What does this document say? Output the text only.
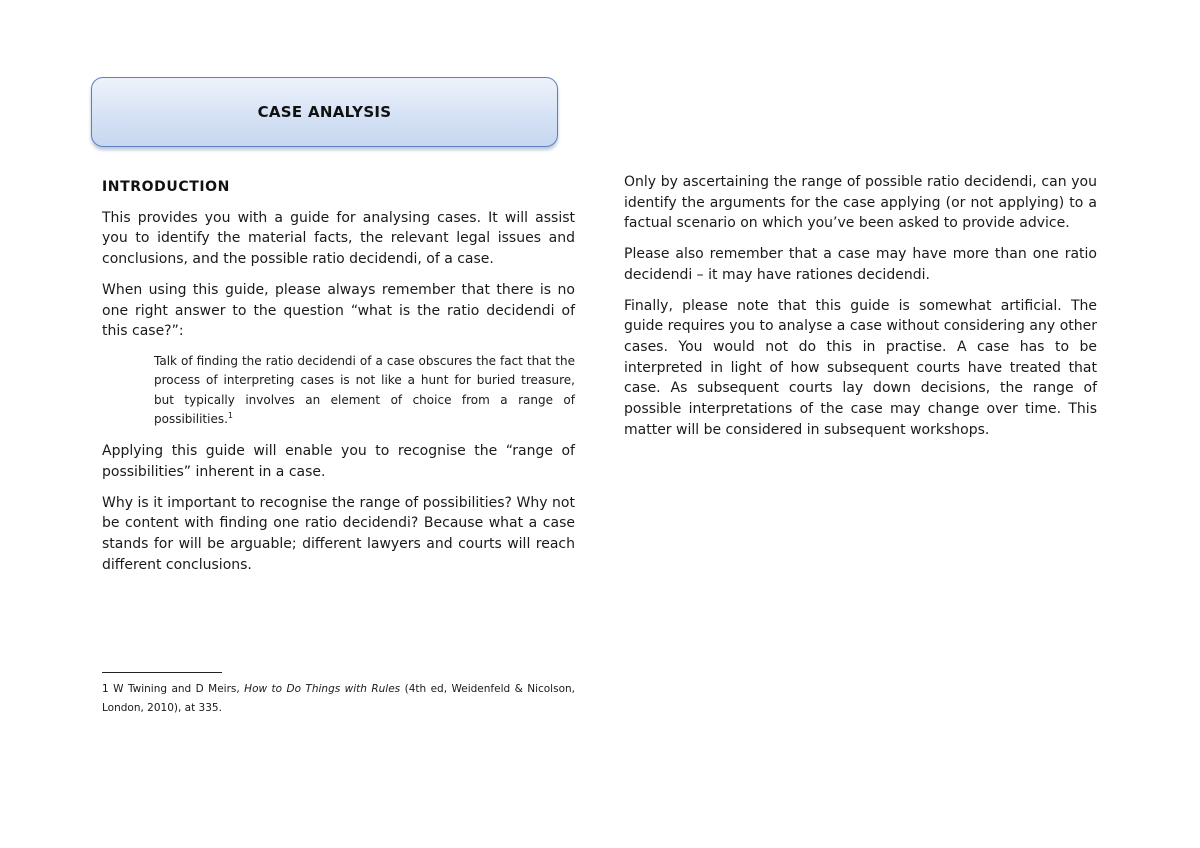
CASE ANALYSIS
INTRODUCTION

This provides you with a guide for analysing cases. It will assist you to identify the material facts, the relevant legal issues and conclusions, and the possible ratio decidendi, of a case.

When using this guide, please always remember that there is no one right answer to the question “what is the ratio decidendi of this case?”:

Talk of finding the ratio decidendi of a case obscures the fact that the process of interpreting cases is not like a hunt for buried treasure, but typically involves an element of choice from a range of possibilities.$^1$

Applying this guide will enable you to recognise the “range of possibilities” inherent in a case.

Why is it important to recognise the range of possibilities? Why not be content with finding one ratio decidendi? Because what a case stands for will be arguable; different lawyers and courts will reach different conclusions.

Only by ascertaining the range of possible ratio decidendi, can you identify the arguments for the case applying (or not applying) to a factual scenario on which you’ve been asked to provide advice.

Please also remember that a case may have more than one ratio decidendi – it may have rationes decidendi.

Finally, please note that this guide is somewhat artificial. The guide requires you to analyse a case without considering any other cases. You would not do this in practise. A case has to be interpreted in light of how subsequent courts have treated that case. As subsequent courts lay down decisions, the range of possible interpretations of the case may change over time. This matter will be considered in subsequent workshops.

1 W Twining and D Meirs, How to Do Things with Rules (4th ed, Weidenfeld & Nicolson, London, 2010), at 335.
